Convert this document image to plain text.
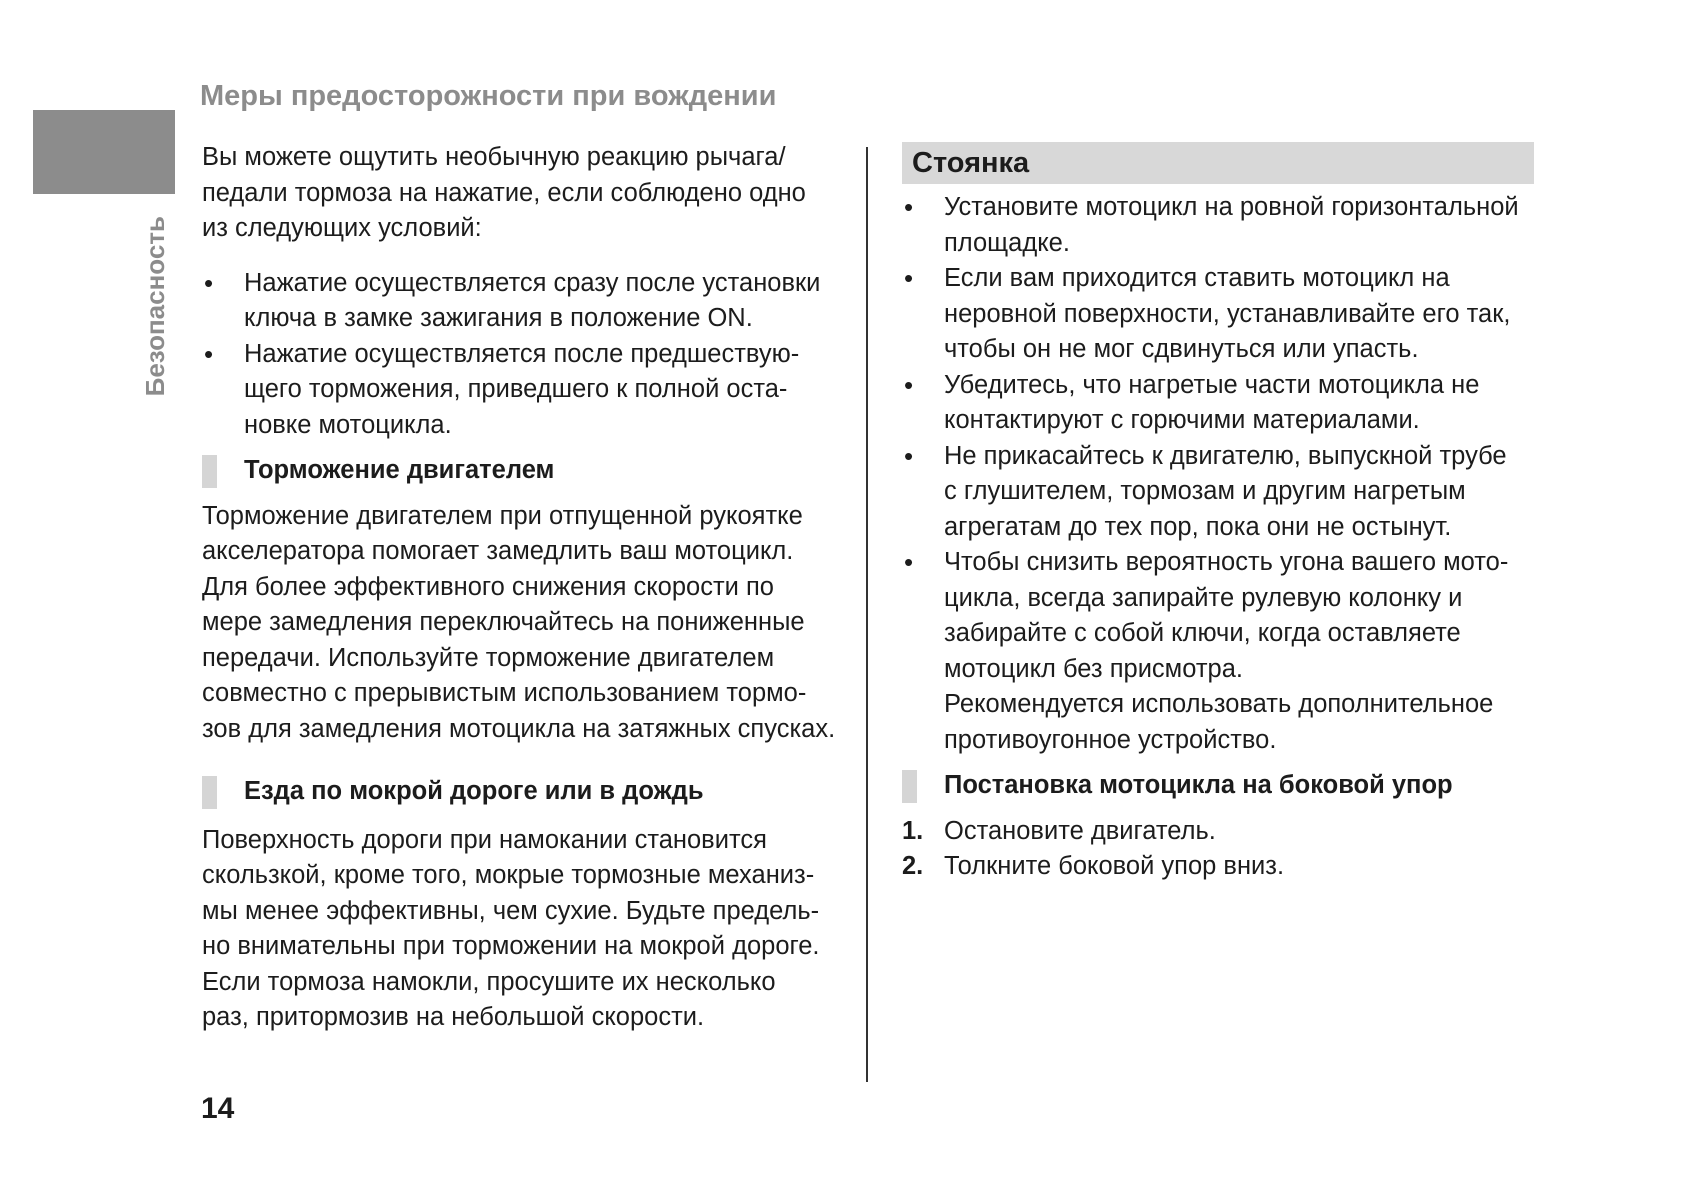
Безопасность
Меры предосторожности при вождении

Вы можете ощутить необычную реакцию рычага/
педали тормоза на нажатие, если соблюдено одно
из следующих условий:

• Нажатие осуществляется сразу после установки
ключа в замке зажигания в положение ON.
• Нажатие осуществляется после предшествую-
щего торможения, приведшего к полной оста-
новке мотоцикла.
Торможение двигателем

Торможение двигателем при отпущенной рукоятке
акселератора помогает замедлить ваш мотоцикл.
Для более эффективного снижения скорости по
мере замедления переключайтесь на пониженные
передачи. Используйте торможение двигателем
совместно с прерывистым использованием тормо-
зов для замедления мотоцикла на затяжных спусках.

Езда по мокрой дороге или в дождь

Поверхность дороги при намокании становится
скользкой, кроме того, мокрые тормозные механиз-
мы менее эффективны, чем сухие. Будьте предель-
но внимательны при торможении на мокрой дороге.
Если тормоза намокли, просушите их несколько
раз, притормозив на небольшой скорости.

Стоянка
• Установите мотоцикл на ровной горизонтальной
площадке.
• Если вам приходится ставить мотоцикл на
неровной поверхности, устанавливайте его так,
чтобы он не мог сдвинуться или упасть.
• Убедитесь, что нагретые части мотоцикла не
контактируют с горючими материалами.
• Не прикасайтесь к двигателю, выпускной трубе
с глушителем, тормозам и другим нагретым
агрегатам до тех пор, пока они не остынут.
• Чтобы снизить вероятность угона вашего мото-
цикла, всегда запирайте рулевую колонку и
забирайте с собой ключи, когда оставляете
мотоцикл без присмотра.
Рекомендуется использовать дополнительное
противоугонное устройство.
Постановка мотоцикла на боковой упор
1. Остановите двигатель.
2. Толкните боковой упор вниз.
14
